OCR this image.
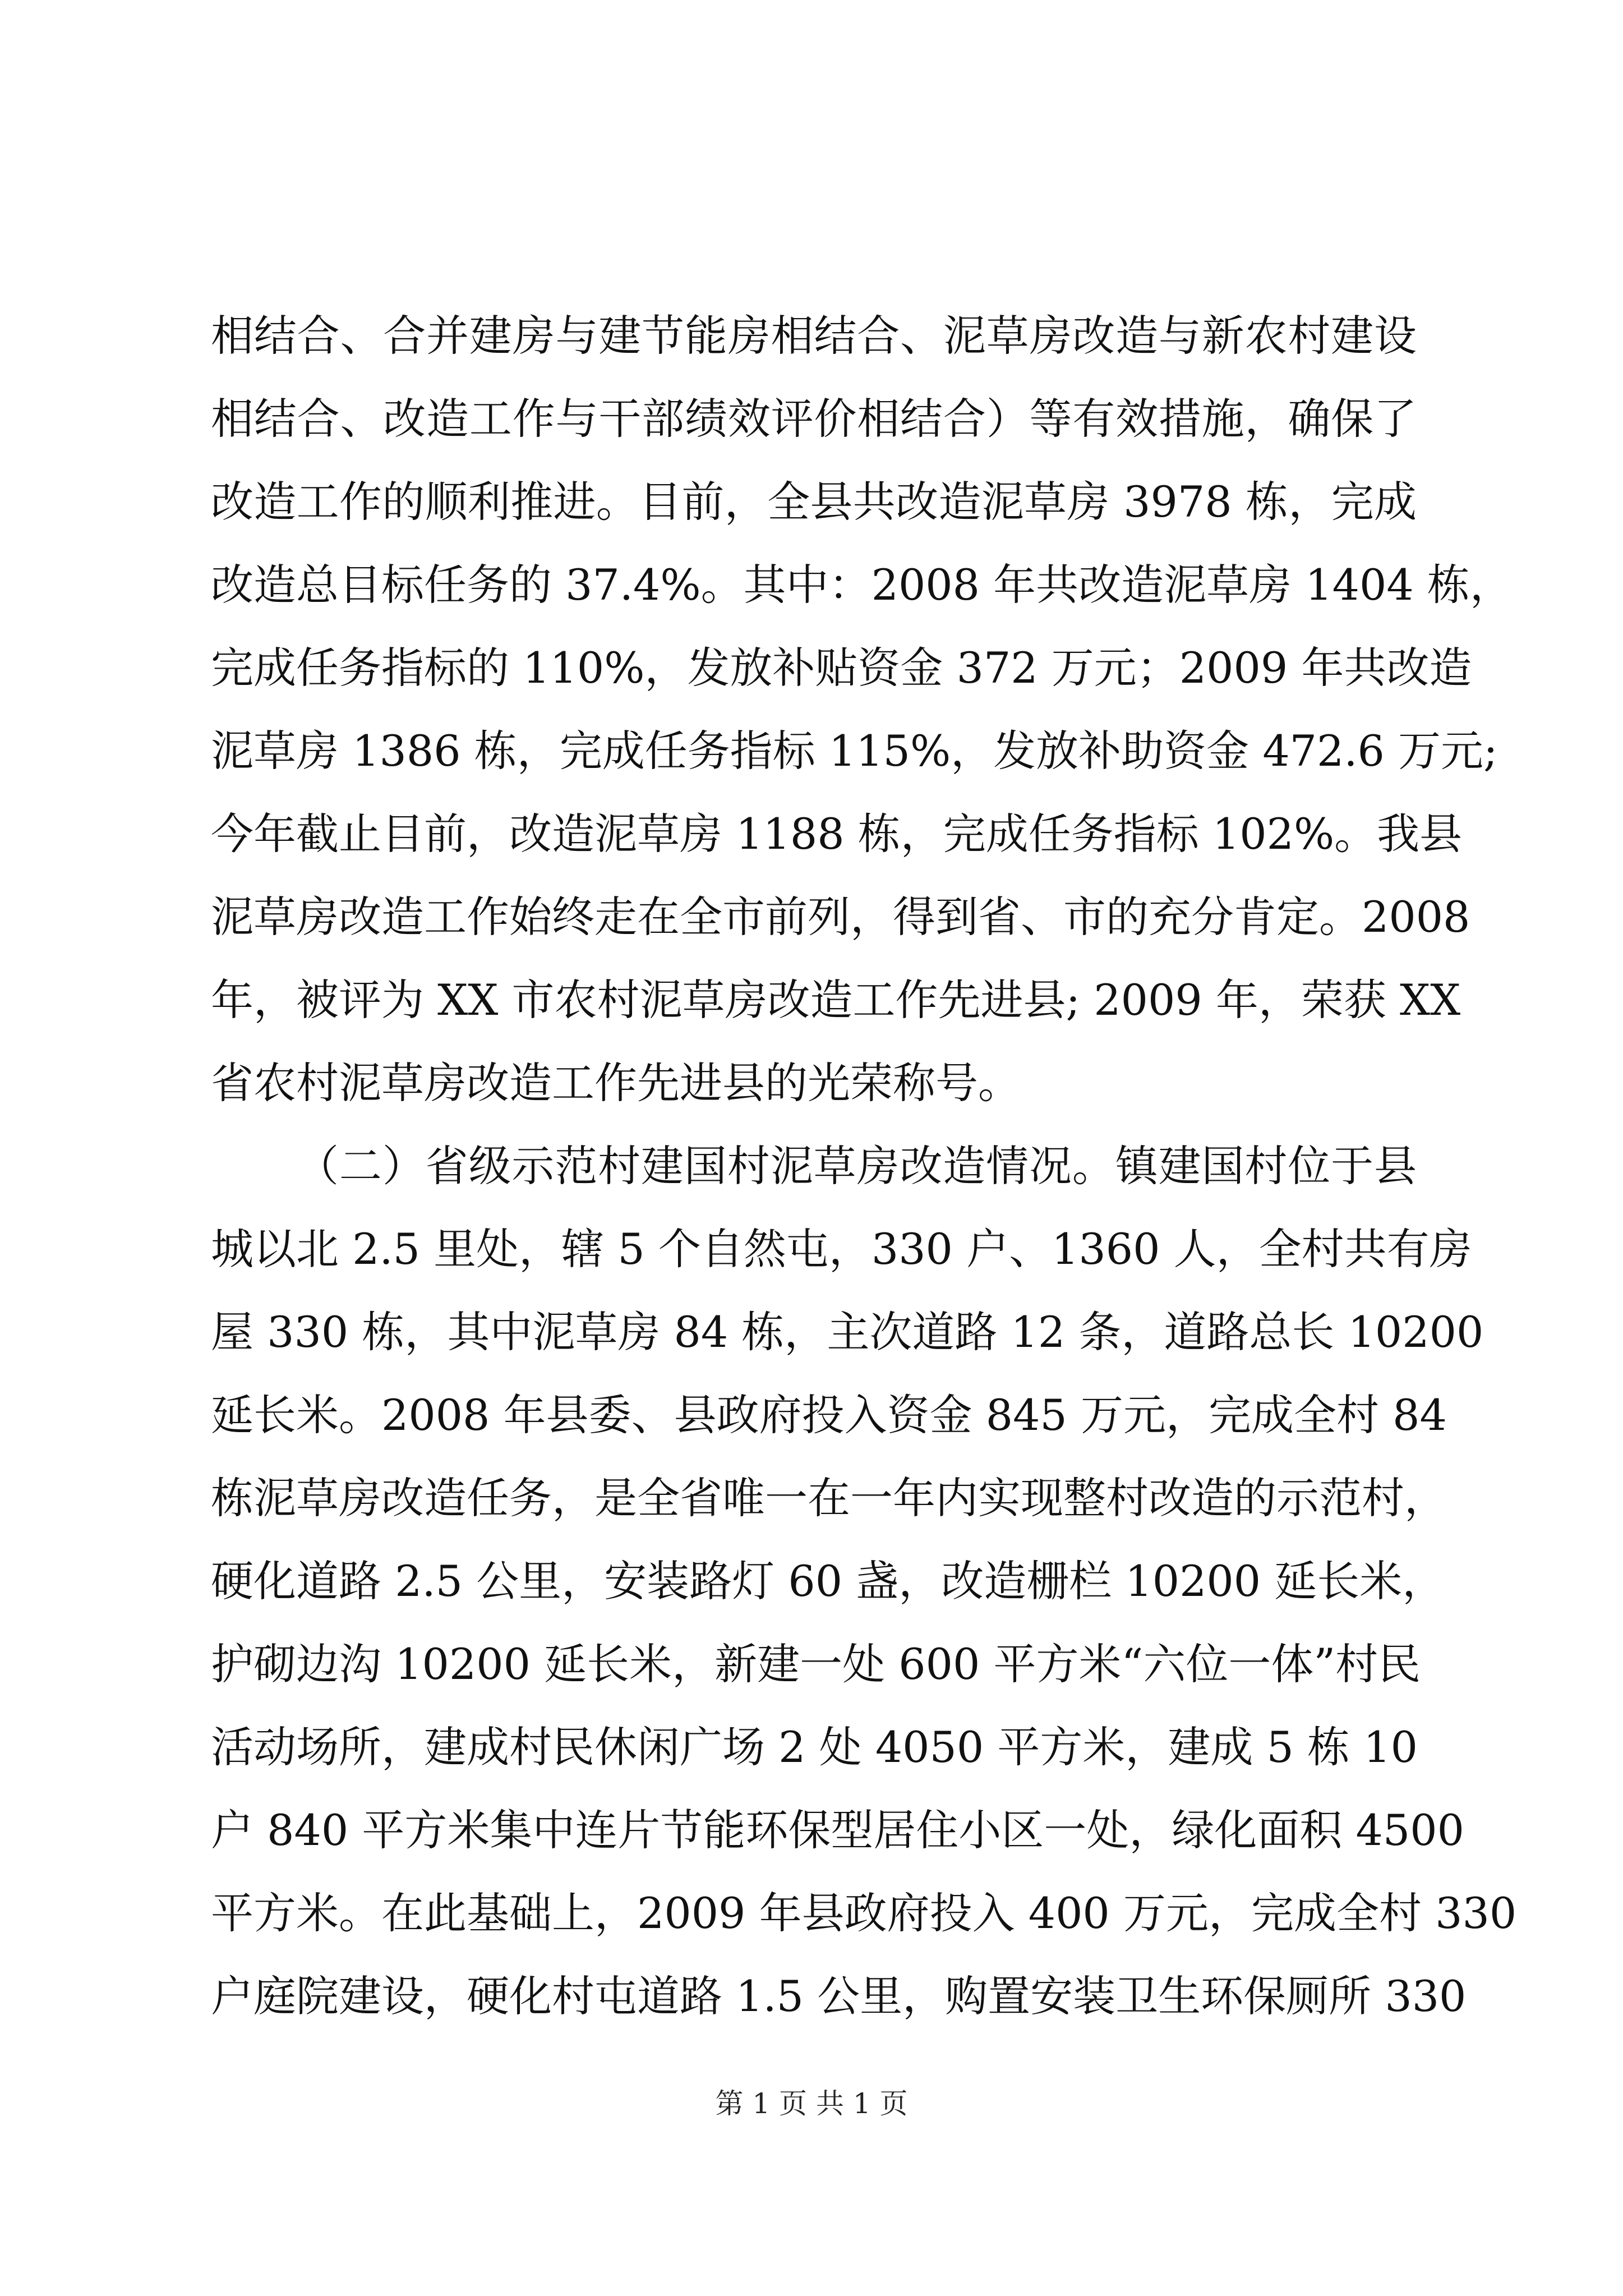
相结合、合并建房与建节能房相结合、泥草房改造与新农村建设
相结合、改造工作与干部绩效评价相结合）等有效措施，确保了
改造工作的顺利推进。目前，全县共改造泥草房 3978 栋，完成
改造总目标任务的 37.4%。其中：2008 年共改造泥草房 1404 栋，
完成任务指标的 110%，发放补贴资金 372 万元；2009 年共改造
泥草房 1386 栋，完成任务指标 115%，发放补助资金 472.6 万元;
今年截止目前，改造泥草房 1188 栋，完成任务指标 102%。我县
泥草房改造工作始终走在全市前列，得到省、市的充分肯定。2008
年，被评为 XX 市农村泥草房改造工作先进县; 2009 年，荣获 XX
省农村泥草房改造工作先进县的光荣称号。
（二）省级示范村建国村泥草房改造情况。镇建国村位于县
城以北 2.5 里处，辖 5 个自然屯，330 户、1360 人，全村共有房
屋 330 栋，其中泥草房 84 栋，主次道路 12 条，道路总长 10200
延长米。2008 年县委、县政府投入资金 845 万元，完成全村 84
栋泥草房改造任务，是全省唯一在一年内实现整村改造的示范村，
硬化道路 2.5 公里，安装路灯 60 盏，改造栅栏 10200 延长米，
护砌边沟 10200 延长米，新建一处 600 平方米“六位一体”村民
活动场所，建成村民休闲广场 2 处 4050 平方米，建成 5 栋 10
户 840 平方米集中连片节能环保型居住小区一处，绿化面积 4500
平方米。在此基础上，2009 年县政府投入 400 万元，完成全村 330
户庭院建设，硬化村屯道路 1.5 公里，购置安装卫生环保厕所 330
第 1 页 共 1 页
